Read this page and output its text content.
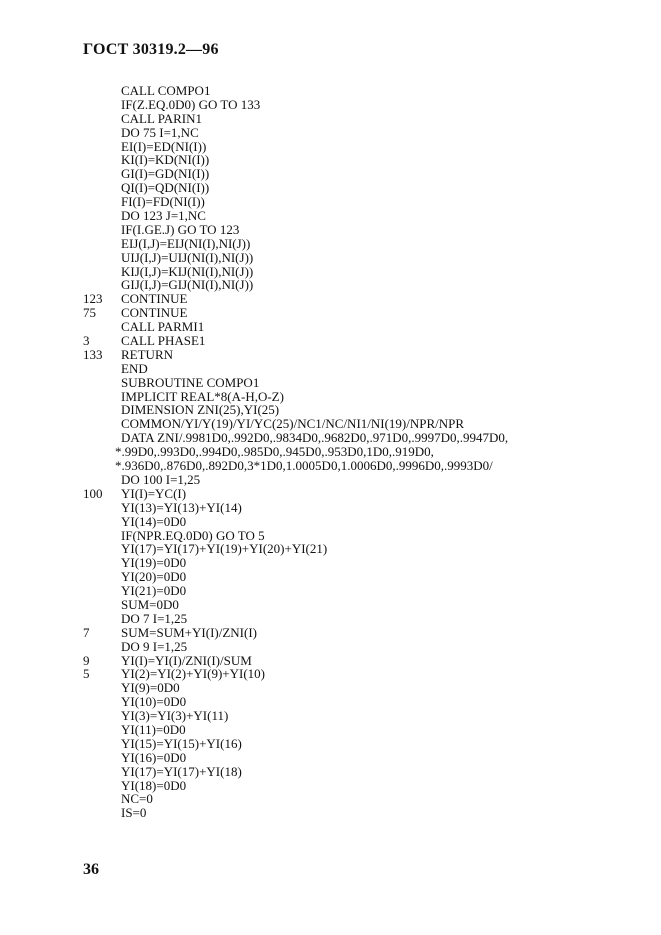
ГОСТ 30319.2—96
CALL COMPO1
IF(Z.EQ.0D0) GO TO 133
CALL PARIN1
DO 75 I=1,NC
EI(I)=ED(NI(I))
KI(I)=KD(NI(I))
GI(I)=GD(NI(I))
QI(I)=QD(NI(I))
FI(I)=FD(NI(I))
DO 123 J=1,NC
IF(I.GE.J) GO TO 123
EIJ(I,J)=EIJ(NI(I),NI(J))
UIJ(I,J)=UIJ(NI(I),NI(J))
KIJ(I,J)=KIJ(NI(I),NI(J))
GIJ(I,J)=GIJ(NI(I),NI(J))
123 CONTINUE
75 CONTINUE
CALL PARMI1
3 CALL PHASE1
133 RETURN
END
SUBROUTINE COMPO1
IMPLICIT REAL*8(A-H,O-Z)
DIMENSION ZNI(25),YI(25)
COMMON/YI/Y(19)/YI/YC(25)/NC1/NC/NI1/NI(19)/NPR/NPR
DATA ZNI/.9981D0,.992D0,.9834D0,.9682D0,.971D0,.9997D0,.9947D0,
*.99D0,.993D0,.994D0,.985D0,.945D0,.953D0,1D0,.919D0,
*.936D0,.876D0,.892D0,3*1D0,1.0005D0,1.0006D0,.9996D0,.9993D0/
DO 100 I=1,25
100 YI(I)=YC(I)
YI(13)=YI(13)+YI(14)
YI(14)=0D0
IF(NPR.EQ.0D0) GO TO 5
YI(17)=YI(17)+YI(19)+YI(20)+YI(21)
YI(19)=0D0
YI(20)=0D0
YI(21)=0D0
SUM=0D0
DO 7 I=1,25
7 SUM=SUM+YI(I)/ZNI(I)
DO 9 I=1,25
9 YI(I)=YI(I)/ZNI(I)/SUM
5 YI(2)=YI(2)+YI(9)+YI(10)
YI(9)=0D0
YI(10)=0D0
YI(3)=YI(3)+YI(11)
YI(11)=0D0
YI(15)=YI(15)+YI(16)
YI(16)=0D0
YI(17)=YI(17)+YI(18)
YI(18)=0D0
NC=0
IS=0
36
